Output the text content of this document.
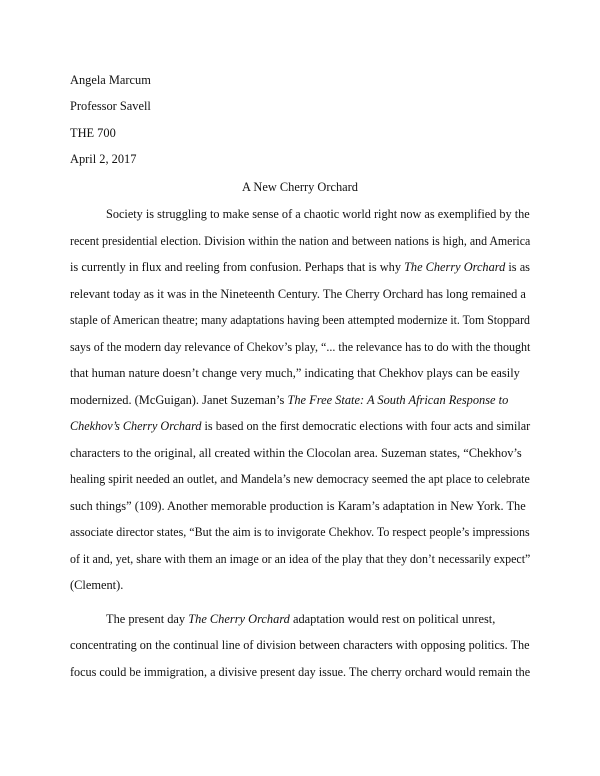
Angela Marcum
Professor Savell
THE 700
April 2, 2017
A New Cherry Orchard
Society is struggling to make sense of a chaotic world right now as exemplified by the
recent presidential election. Division within the nation and between nations is high, and America
is currently in flux and reeling from confusion. Perhaps that is why The Cherry Orchard is as
relevant today as it was in the Nineteenth Century. The Cherry Orchard has long remained a
staple of American theatre; many adaptations having been attempted modernize it. Tom Stoppard
says of the modern day relevance of Chekov’s play, “... the relevance has to do with the thought
that human nature doesn’t change very much,” indicating that Chekhov plays can be easily
modernized. (McGuigan). Janet Suzeman’s The Free State: A South African Response to
Chekhov’s Cherry Orchard is based on the first democratic elections with four acts and similar
characters to the original, all created within the Clocolan area. Suzeman states, “Chekhov’s
healing spirit needed an outlet, and Mandela’s new democracy seemed the apt place to celebrate
such things” (109). Another memorable production is Karam’s adaptation in New York. The
associate director states, “But the aim is to invigorate Chekhov. To respect people’s impressions
of it and, yet, share with them an image or an idea of the play that they don’t necessarily expect”
(Clement).
The present day The Cherry Orchard adaptation would rest on political unrest,
concentrating on the continual line of division between characters with opposing politics. The
focus could be immigration, a divisive present day issue. The cherry orchard would remain the
